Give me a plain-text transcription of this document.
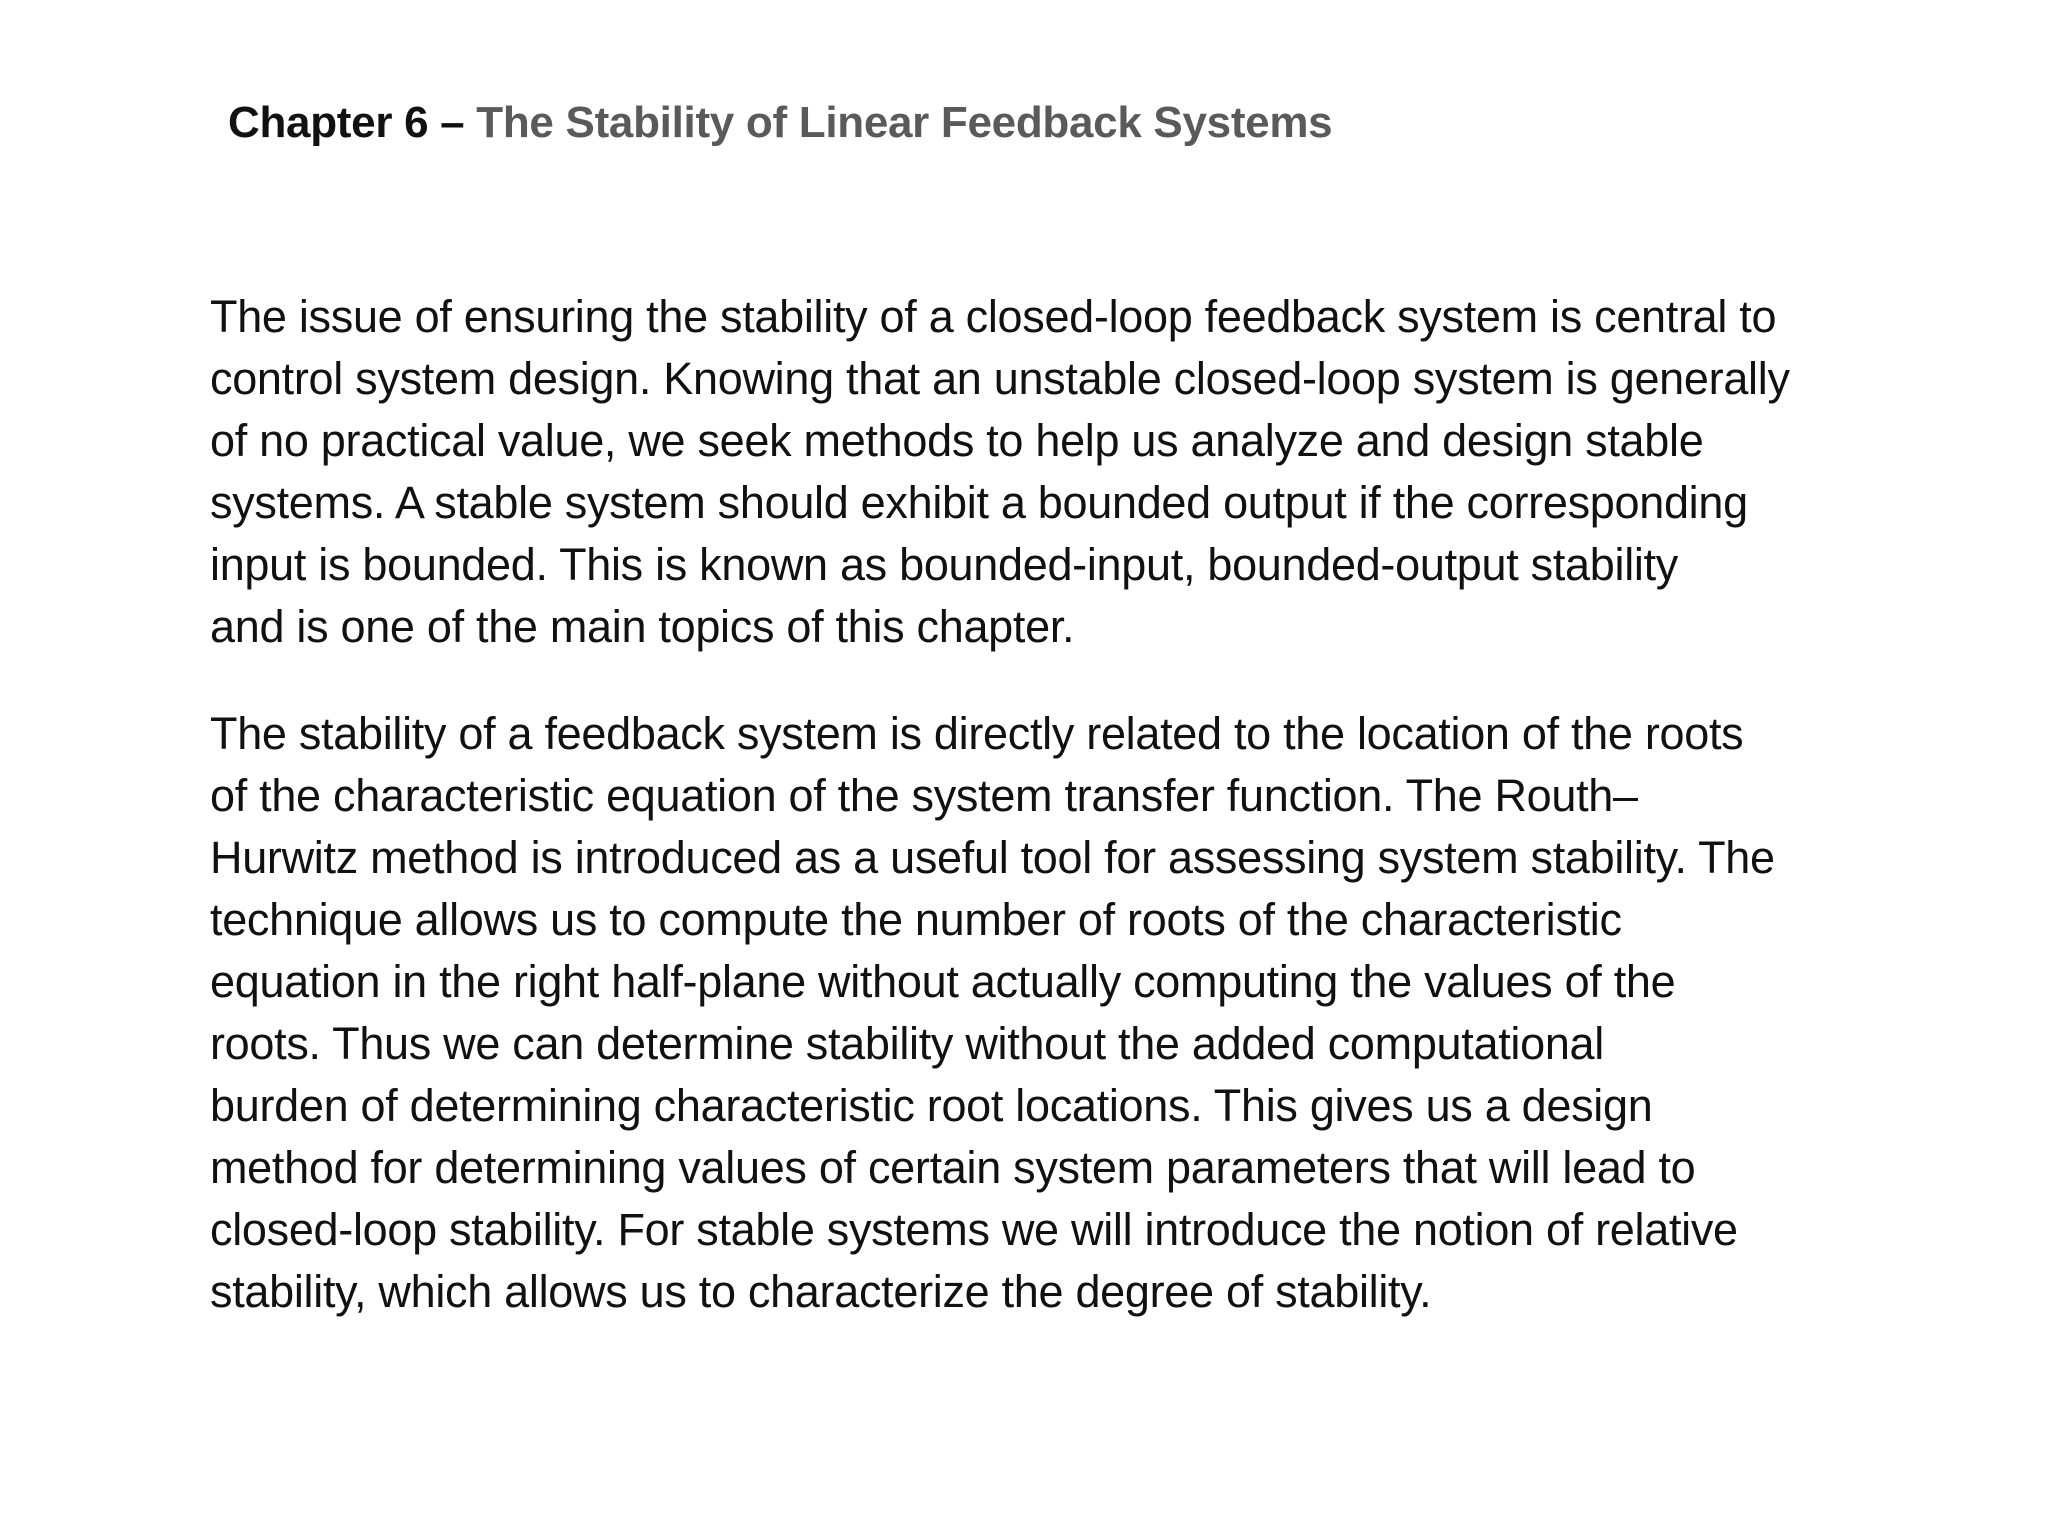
Chapter 6 – The Stability of Linear Feedback Systems

The issue of ensuring the stability of a closed-loop feedback system is central to
control system design. Knowing that an unstable closed-loop system is generally
of no practical value, we seek methods to help us analyze and design stable
systems. A stable system should exhibit a bounded output if the corresponding
input is bounded. This is known as bounded-input, bounded-output stability
and is one of the main topics of this chapter.

The stability of a feedback system is directly related to the location of the roots
of the characteristic equation of the system transfer function. The Routh–
Hurwitz method is introduced as a useful tool for assessing system stability. The
technique allows us to compute the number of roots of the characteristic
equation in the right half-plane without actually computing the values of the
roots. Thus we can determine stability without the added computational
burden of determining characteristic root locations. This gives us a design
method for determining values of certain system parameters that will lead to
closed-loop stability. For stable systems we will introduce the notion of relative
stability, which allows us to characterize the degree of stability.
